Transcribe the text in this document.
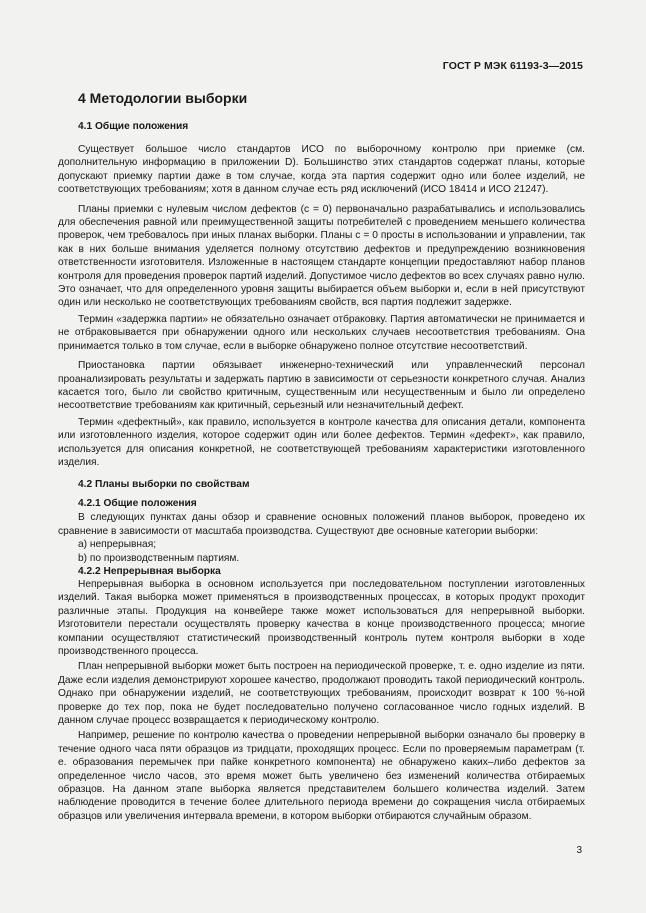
ГОСТ Р МЭК 61193-3—2015
4 Методологии выборки
4.1 Общие положения

Существует большое число стандартов ИСО по выборочному контролю при приемке (см. дополнительную информацию в приложении D). Большинство этих стандартов содержат планы, которые допускают приемку партии даже в том случае, когда эта партия содержит одно или более изделий, не соответствующих требованиям; хотя в данном случае есть ряд исключений (ИСО 18414 и ИСО 21247).

Планы приемки с нулевым числом дефектов (c = 0) первоначально разрабатывались и использовались для обеспечения равной или преимущественной защиты потребителей с проведением меньшего количества проверок, чем требовалось при иных планах выборки. Планы c = 0 просты в использовании и управлении, так как в них больше внимания уделяется полному отсутствию дефектов и предупреждению возникновения ответственности изготовителя. Изложенные в настоящем стандарте концепции предоставляют набор планов контроля для проведения проверок партий изделий. Допустимое число дефектов во всех случаях равно нулю. Это означает, что для определенного уровня защиты выбирается объем выборки и, если в ней присутствуют один или несколько не соответствующих требованиям свойств, вся партия подлежит задержке.

Термин «задержка партии» не обязательно означает отбраковку. Партия автоматически не принимается и не отбраковывается при обнаружении одного или нескольких случаев несоответствия требованиям. Она принимается только в том случае, если в выборке обнаружено полное отсутствие несоответствий.

Приостановка партии обязывает инженерно-технический или управленческий персонал проанализировать результаты и задержать партию в зависимости от серьезности конкретного случая. Анализ касается того, было ли свойство критичным, существенным или несущественным и было ли определено несоответствие требованиям как критичный, серьезный или незначительный дефект.

Термин «дефектный», как правило, используется в контроле качества для описания детали, компонента или изготовленного изделия, которое содержит один или более дефектов. Термин «дефект», как правило, используется для описания конкретной, не соответствующей требованиям характеристики изготовленного изделия.

4.2 Планы выборки по свойствам
4.2.1 Общие положения

В следующих пунктах даны обзор и сравнение основных положений планов выборок, проведено их сравнение в зависимости от масштаба производства. Существуют две основные категории выборки:

a) непрерывная;
b) по производственным партиям.
4.2.2 Непрерывная выборка

Непрерывная выборка в основном используется при последовательном поступлении изготовленных изделий. Такая выборка может применяться в производственных процессах, в которых продукт проходит различные этапы. Продукция на конвейере также может использоваться для непрерывной выборки. Изготовители перестали осуществлять проверку качества в конце производственного процесса; многие компании осуществляют статистический производственный контроль путем контроля выборки в ходе производственного процесса.

План непрерывной выборки может быть построен на периодической проверке, т. е. одно изделие из пяти. Даже если изделия демонстрируют хорошее качество, продолжают проводить такой периодический контроль. Однако при обнаружении изделий, не соответствующих требованиям, происходит возврат к 100 %-ной проверке до тех пор, пока не будет последовательно получено согласованное число годных изделий. В данном случае процесс возвращается к периодическому контролю.

Например, решение по контролю качества о проведении непрерывной выборки означало бы проверку в течение одного часа пяти образцов из тридцати, проходящих процесс. Если по проверяемым параметрам (т. е. образования перемычек при пайке конкретного компонента) не обнаружено каких–либо дефектов за определенное число часов, это время может быть увеличено без изменений количества отбираемых образцов. На данном этапе выборка является представителем большего количества изделий. Затем наблюдение проводится в течение более длительного периода времени до сокращения числа отбираемых образцов или увеличения интервала времени, в котором выборки отбираются случайным образом.

3
